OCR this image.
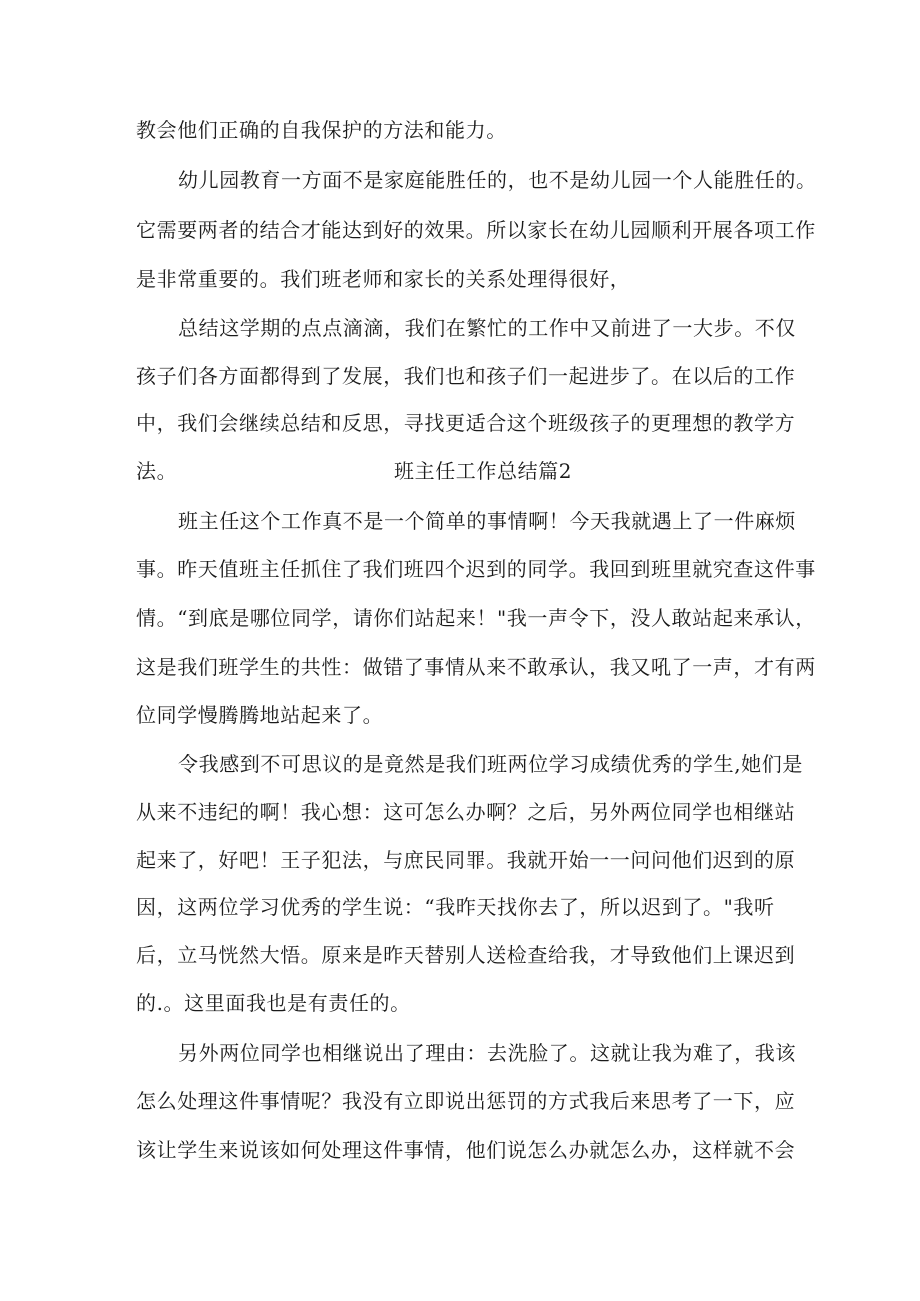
教会他们正确的自我保护的方法和能力。
幼儿园教育一方面不是家庭能胜任的，也不是幼儿园一个人能胜任的。
它需要两者的结合才能达到好的效果。所以家长在幼儿园顺利开展各项工作
是非常重要的。我们班老师和家长的关系处理得很好，
总结这学期的点点滴滴，我们在繁忙的工作中又前进了一大步。不仅
孩子们各方面都得到了发展，我们也和孩子们一起进步了。在以后的工作
中，我们会继续总结和反思，寻找更适合这个班级孩子的更理想的教学方
法。	班主任工作总结篇2
班主任这个工作真不是一个简单的事情啊！今天我就遇上了一件麻烦
事。昨天值班主任抓住了我们班四个迟到的同学。我回到班里就究查这件事
情。“到底是哪位同学，请你们站起来！"我一声令下，没人敢站起来承认，
这是我们班学生的共性：做错了事情从来不敢承认，我又吼了一声，才有两
位同学慢腾腾地站起来了。
令我感到不可思议的是竟然是我们班两位学习成绩优秀的学生,她们是
从来不违纪的啊！我心想：这可怎么办啊？之后，另外两位同学也相继站
起来了，好吧！王子犯法，与庶民同罪。我就开始一一问问他们迟到的原
因，这两位学习优秀的学生说：“我昨天找你去了，所以迟到了。"我听
后，立马恍然大悟。原来是昨天替别人送检查给我，才导致他们上课迟到
的.。这里面我也是有责任的。
另外两位同学也相继说出了理由：去洗脸了。这就让我为难了，我该
怎么处理这件事情呢？我没有立即说出惩罚的方式我后来思考了一下，应
该让学生来说该如何处理这件事情，他们说怎么办就怎么办，这样就不会
